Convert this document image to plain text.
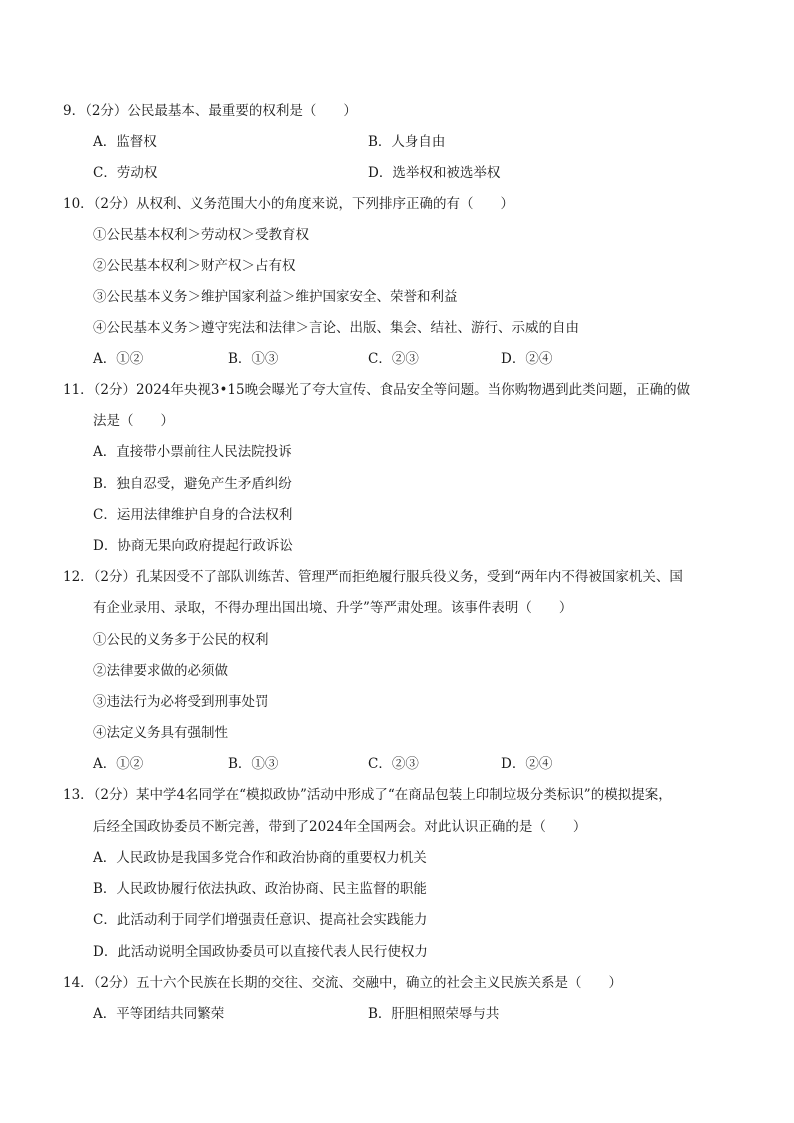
9．（2分）公民最基本、最重要的权利是（　　）
A．监督权	B．人身自由
C．劳动权	D．选举权和被选举权
10．（2分）从权利、义务范围大小的角度来说，下列排序正确的有（　　）
①公民基本权利＞劳动权＞受教育权
②公民基本权利＞财产权＞占有权
③公民基本义务＞维护国家利益＞维护国家安全、荣誉和利益
④公民基本义务＞遵守宪法和法律＞言论、出版、集会、结社、游行、示威的自由
A．①②	B．①③	C．②③	D．②④
11．（2分）2024年央视3•15晚会曝光了夸大宣传、食品安全等问题。当你购物遇到此类问题，正确的做
法是（　　）
A．直接带小票前往人民法院投诉
B．独自忍受，避免产生矛盾纠纷
C．运用法律维护自身的合法权利
D．协商无果向政府提起行政诉讼
12．（2分）孔某因受不了部队训练苦、管理严而拒绝履行服兵役义务，受到“两年内不得被国家机关、国
有企业录用、录取，不得办理出国出境、升学”等严肃处理。该事件表明（　　）
①公民的义务多于公民的权利
②法律要求做的必须做
③违法行为必将受到刑事处罚
④法定义务具有强制性
A．①②	B．①③	C．②③	D．②④
13．（2分）某中学4名同学在“模拟政协”活动中形成了“在商品包装上印制垃圾分类标识”的模拟提案，
后经全国政协委员不断完善，带到了2024年全国两会。对此认识正确的是（　　）
A．人民政协是我国多党合作和政治协商的重要权力机关
B．人民政协履行依法执政、政治协商、民主监督的职能
C．此活动利于同学们增强责任意识、提高社会实践能力
D．此活动说明全国政协委员可以直接代表人民行使权力
14．（2分）五十六个民族在长期的交往、交流、交融中，确立的社会主义民族关系是（　　）
A．平等团结共同繁荣	B．肝胆相照荣辱与共
